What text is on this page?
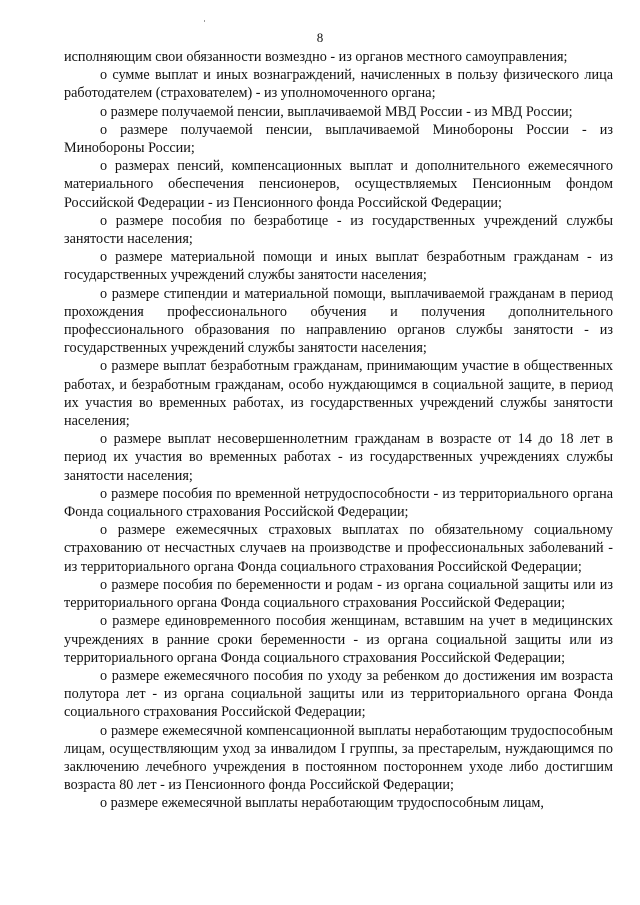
8

исполняющим свои обязанности возмездно - из органов местного самоуправления;

о сумме выплат и иных вознаграждений, начисленных в пользу физического лица работодателем (страхователем) - из уполномоченного органа;

о размере получаемой пенсии, выплачиваемой МВД России - из МВД России;

о размере получаемой пенсии, выплачиваемой Минобороны России - из Минобороны России;

о размерах пенсий, компенсационных выплат и дополнительного ежемесячного материального обеспечения пенсионеров, осуществляемых Пенсионным фондом Российской Федерации - из Пенсионного фонда Российской Федерации;

о размере пособия по безработице - из государственных учреждений службы занятости населения;

о размере материальной помощи и иных выплат безработным гражданам - из государственных учреждений службы занятости населения;

о размере стипендии и материальной помощи, выплачиваемой гражданам в период прохождения профессионального обучения и получения дополнительного профессионального образования по направлению органов службы занятости - из государственных учреждений службы занятости населения;

о размере выплат безработным гражданам, принимающим участие в общественных работах, и безработным гражданам, особо нуждающимся в социальной защите, в период их участия во временных работах, из государственных учреждений службы занятости населения;

о размере выплат несовершеннолетним гражданам в возрасте от 14 до 18 лет в период их участия во временных работах - из государственных учреждениях службы занятости населения;

о размере пособия по временной нетрудоспособности - из территориального органа Фонда социального страхования Российской Федерации;

о размере ежемесячных страховых выплатах по обязательному социальному страхованию от несчастных случаев на производстве и профессиональных заболеваний - из территориального органа Фонда социального страхования Российской Федерации;

о размере пособия по беременности и родам - из органа социальной защиты или из территориального органа Фонда социального страхования Российской Федерации;

о размере единовременного пособия женщинам, вставшим на учет в медицинских учреждениях в ранние сроки беременности - из органа социальной защиты или из территориального органа Фонда социального страхования Российской Федерации;

о размере ежемесячного пособия по уходу за ребенком до достижения им возраста полутора лет - из органа социальной защиты или из территориального органа Фонда социального страхования Российской Федерации;

о размере ежемесячной компенсационной выплаты неработающим трудоспособным лицам, осуществляющим уход за инвалидом I группы, за престарелым, нуждающимся по заключению лечебного учреждения в постоянном постороннем уходе либо достигшим возраста 80 лет - из Пенсионного фонда Российской Федерации;

о размере ежемесячной выплаты неработающим трудоспособным лицам,
